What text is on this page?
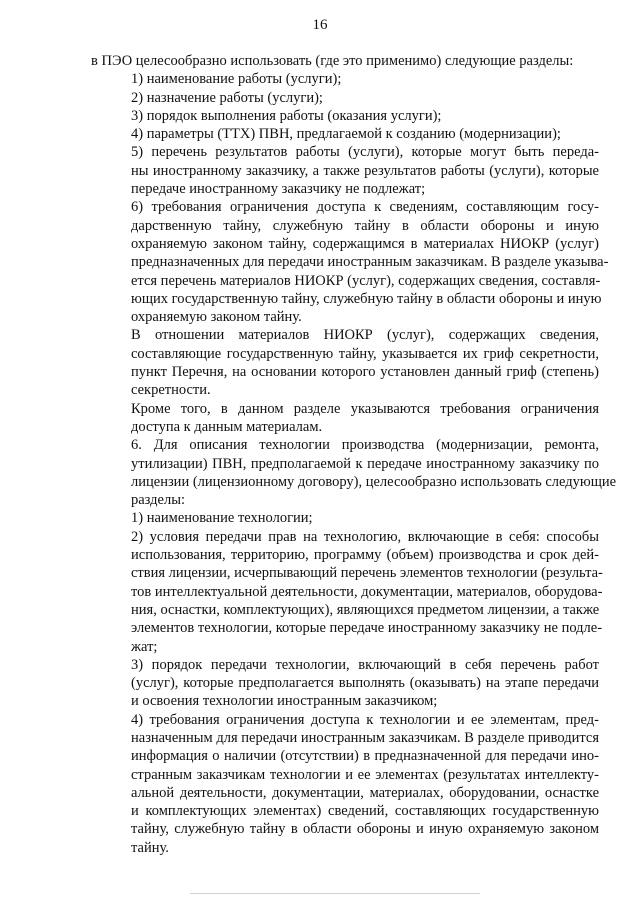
16

в ПЭО целесообразно использовать (где это применимо) следующие разделы:

1) наименование работы (услуги);

2) назначение работы (услуги);

3) порядок выполнения работы (оказания услуги);

4) параметры (ТТХ) ПВН, предлагаемой к созданию (модернизации);

5) перечень результатов работы (услуги), которые могут быть переда-
ны иностранному заказчику, а также результатов работы (услуги), которые
передаче иностранному заказчику не подлежат;

6) требования ограничения доступа к сведениям, составляющим госу-
дарственную тайну, служебную тайну в области обороны и иную
охраняемую законом тайну, содержащимся в материалах НИОКР (услуг)
предназначенных для передачи иностранным заказчикам. В разделе указыва-
ется перечень материалов НИОКР (услуг), содержащих сведения, составля-
ющих государственную тайну, служебную тайну в области обороны и иную
охраняемую законом тайну.

В отношении материалов НИОКР (услуг), содержащих сведения,
составляющие государственную тайну, указывается их гриф секретности,
пункт Перечня, на основании которого установлен данный гриф (степень)
секретности.

Кроме того, в данном разделе указываются требования ограничения
доступа к данным материалам.

6. Для описания технологии производства (модернизации, ремонта,
утилизации) ПВН, предполагаемой к передаче иностранному заказчику по
лицензии (лицензионному договору), целесообразно использовать следующие
разделы:

1) наименование технологии;

2) условия передачи прав на технологию, включающие в себя: способы
использования, территорию, программу (объем) производства и срок дей-
ствия лицензии, исчерпывающий перечень элементов технологии (результа-
тов интеллектуальной деятельности, документации, материалов, оборудова-
ния, оснастки, комплектующих), являющихся предметом лицензии, а также
элементов технологии, которые передаче иностранному заказчику не подле-
жат;

3) порядок передачи технологии, включающий в себя перечень работ
(услуг), которые предполагается выполнять (оказывать) на этапе передачи
и освоения технологии иностранным заказчиком;

4) требования ограничения доступа к технологии и ее элементам, пред-
назначенным для передачи иностранным заказчикам. В разделе приводится
информация о наличии (отсутствии) в предназначенной для передачи ино-
странным заказчикам технологии и ее элементах (результатах интеллекту-
альной деятельности, документации, материалах, оборудовании, оснастке
и комплектующих элементах) сведений, составляющих государственную
тайну, служебную тайну в области обороны и иную охраняемую законом
тайну.
